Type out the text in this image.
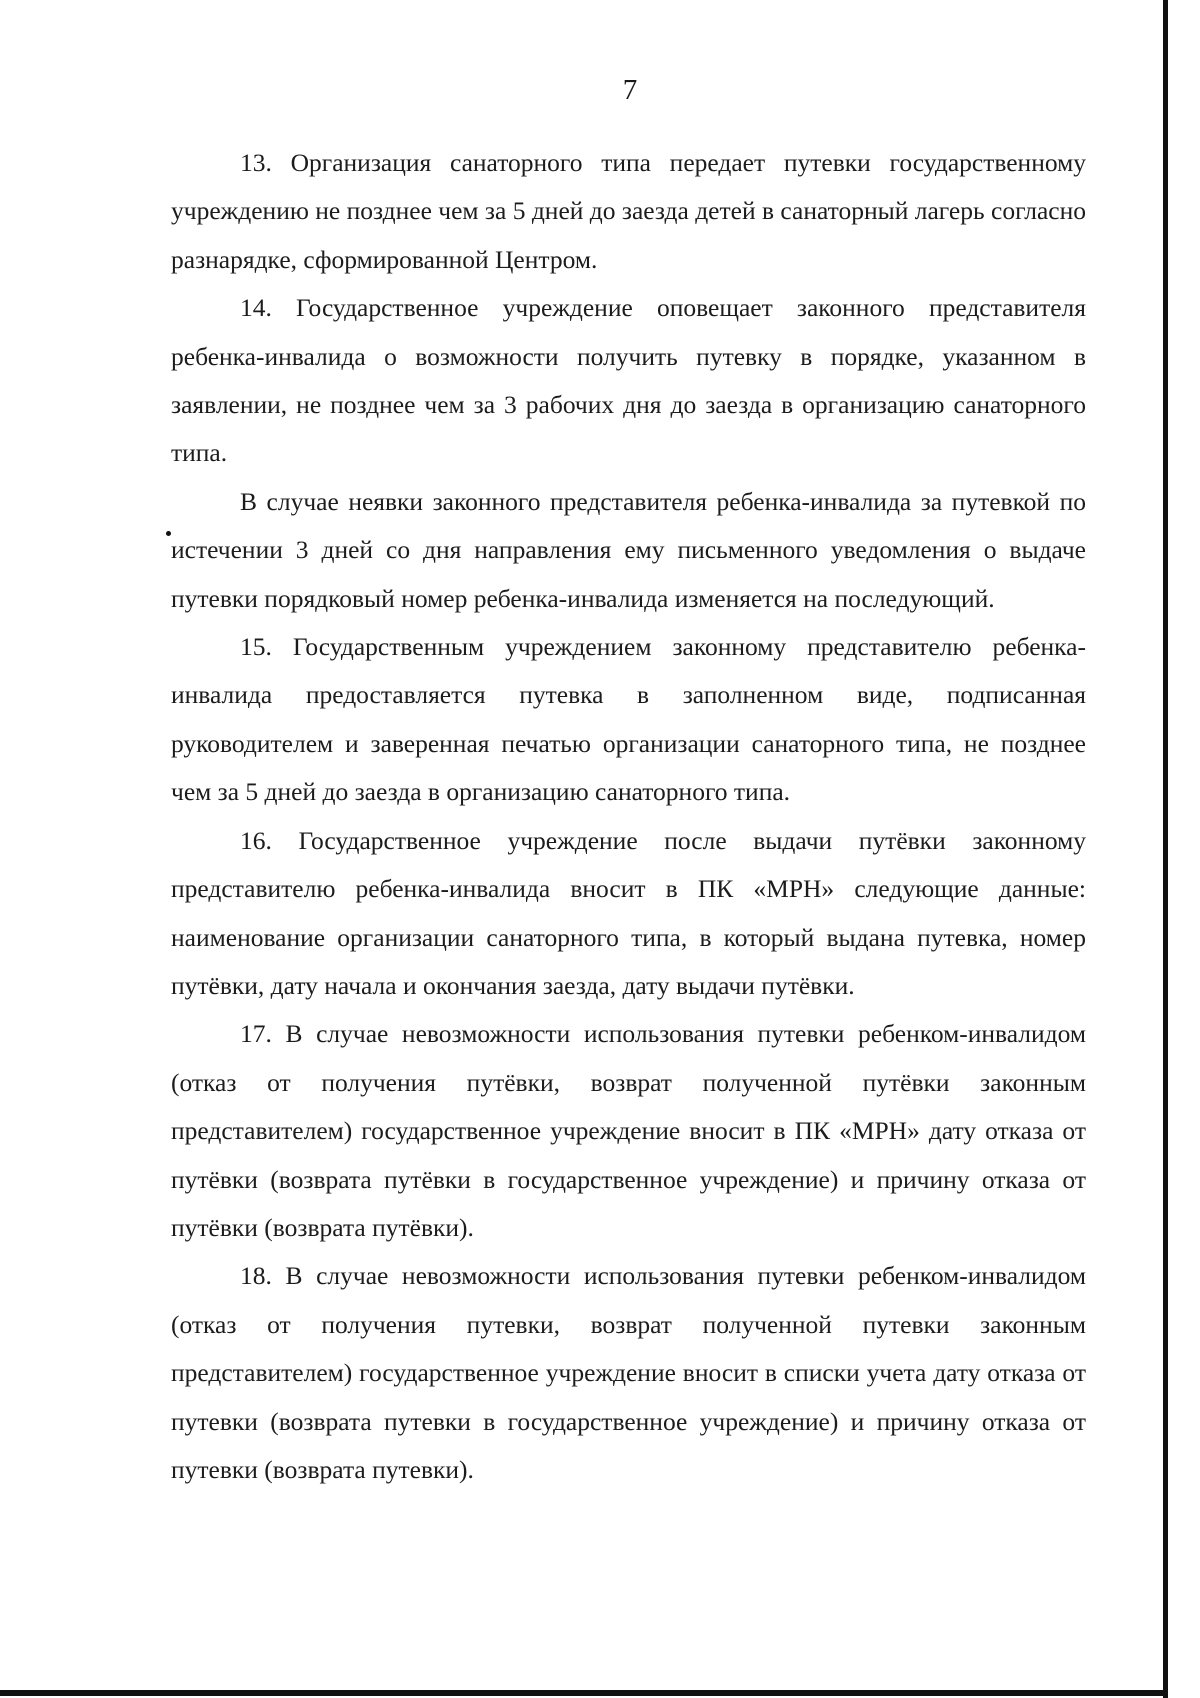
7

13. Организация санаторного типа передает путевки государственному учреждению не позднее чем за 5 дней до заезда детей в санаторный лагерь согласно разнарядке, сформированной Центром.

14. Государственное учреждение оповещает законного представителя ребенка-инвалида о возможности получить путевку в порядке, указанном в заявлении, не позднее чем за 3 рабочих дня до заезда в организацию санаторного типа.

В случае неявки законного представителя ребенка-инвалида за путевкой по истечении 3 дней со дня направления ему письменного уведомления о выдаче путевки порядковый номер ребенка-инвалида изменяется на последующий.

15. Государственным учреждением законному представителю ребенка-инвалида предоставляется путевка в заполненном виде, подписанная руководителем и заверенная печатью организации санаторного типа, не позднее чем за 5 дней до заезда в организацию санаторного типа.

16. Государственное учреждение после выдачи путёвки законному представителю ребенка-инвалида вносит в ПК «МРН» следующие данные: наименование организации санаторного типа, в который выдана путевка, номер путёвки, дату начала и окончания заезда, дату выдачи путёвки.

17. В случае невозможности использования путевки ребенком-инвалидом (отказ от получения путёвки, возврат полученной путёвки законным представителем) государственное учреждение вносит в ПК «МРН» дату отказа от путёвки (возврата путёвки в государственное учреждение) и причину отказа от путёвки (возврата путёвки).

18. В случае невозможности использования путевки ребенком-инвалидом (отказ от получения путевки, возврат полученной путевки законным представителем) государственное учреждение вносит в списки учета дату отказа от путевки (возврата путевки в государственное учреждение) и причину отказа от путевки (возврата путевки).
